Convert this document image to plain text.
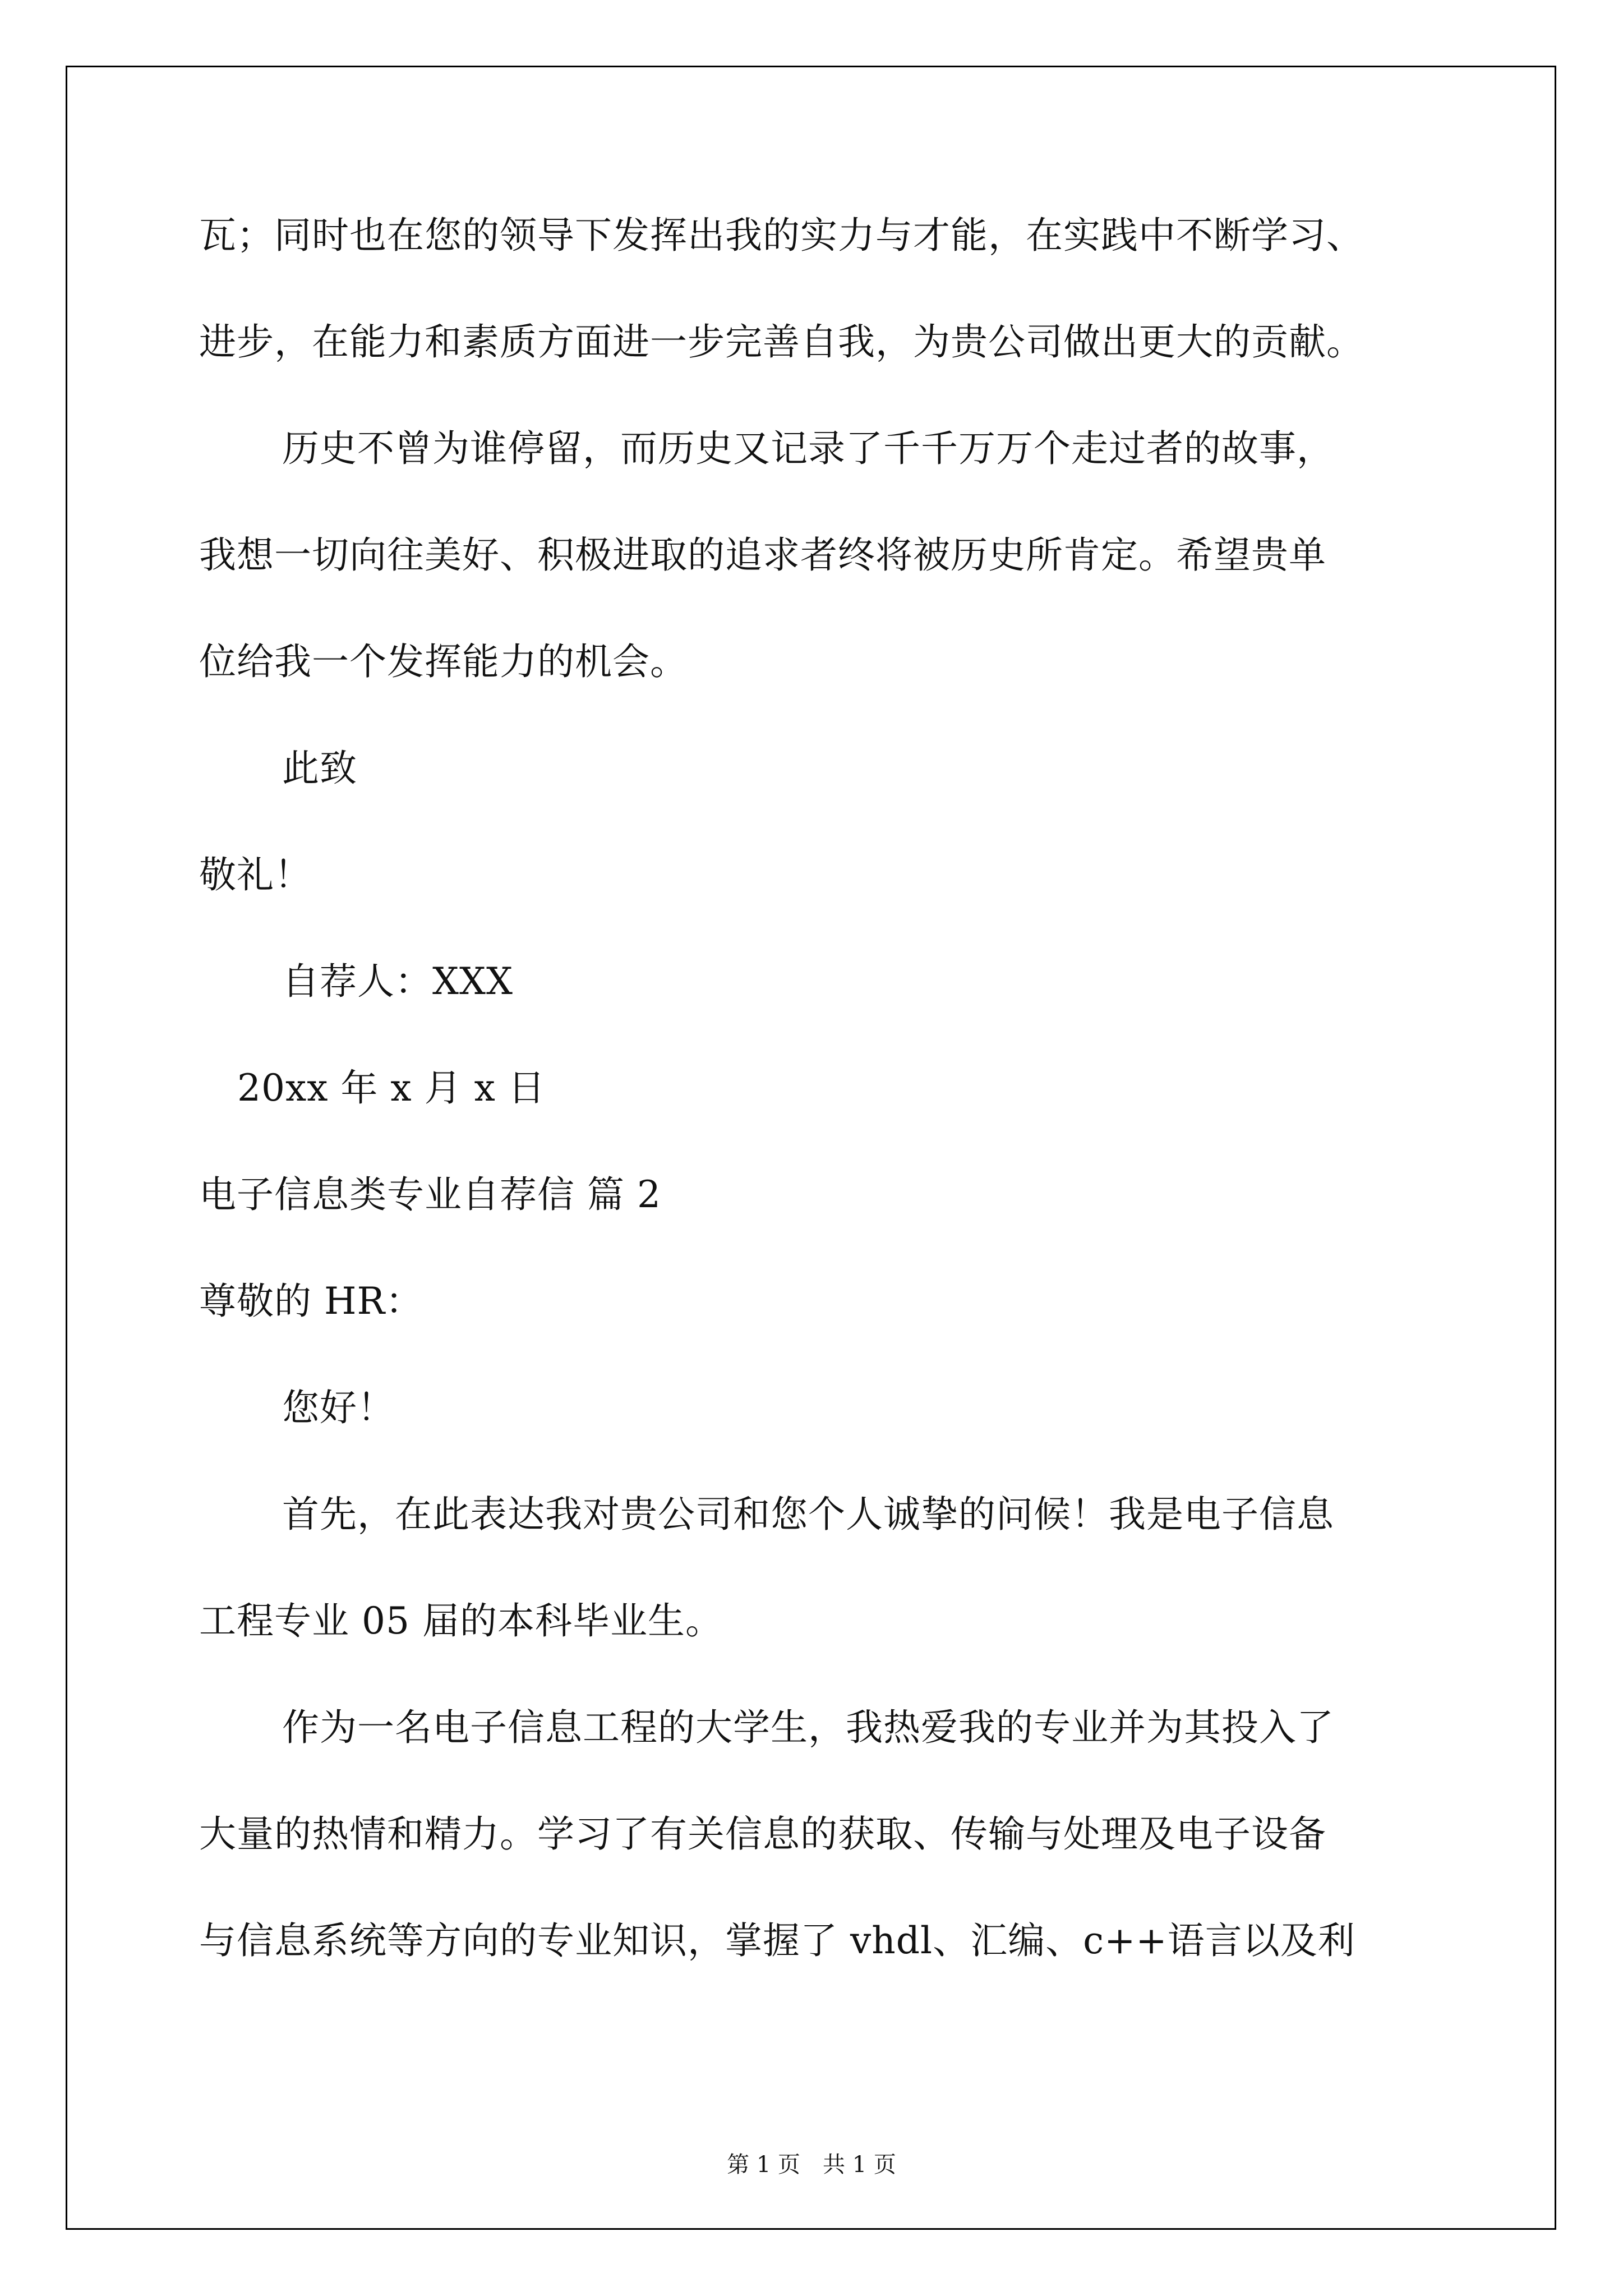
瓦；同时也在您的领导下发挥出我的实力与才能，在实践中不断学习、
进步，在能力和素质方面进一步完善自我，为贵公司做出更大的贡献。
历史不曾为谁停留，而历史又记录了千千万万个走过者的故事，
我想一切向往美好、积极进取的追求者终将被历史所肯定。希望贵单
位给我一个发挥能力的机会。
此致
敬礼！
自荐人：XXX
20xx 年 x 月 x 日
电子信息类专业自荐信 篇 2
尊敬的 HR：
您好！
首先，在此表达我对贵公司和您个人诚挚的问候！我是电子信息
工程专业 05 届的本科毕业生。
作为一名电子信息工程的大学生，我热爱我的专业并为其投入了
大量的热情和精力。学习了有关信息的获取、传输与处理及电子设备
与信息系统等方向的专业知识，掌握了 vhdl、汇编、c++语言以及利
第 1 页　共 1 页
